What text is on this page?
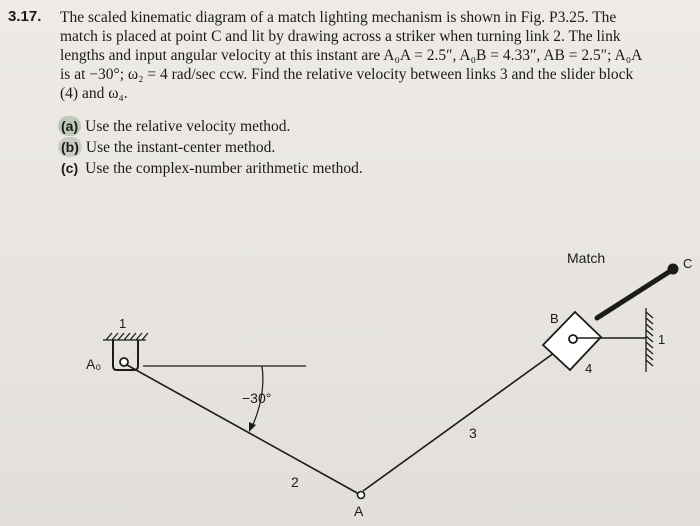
3.17. The scaled kinematic diagram of a match lighting mechanism is shown in Fig. P3.25. The
match is placed at point C and lit by drawing across a striker when turning link 2. The link
lengths and input angular velocity at this instant are A₀A = 2.5″, A₀B = 4.33″, AB = 2.5″; A₀A
is at −30°; ω₂ = 4 rad/sec ccw. Find the relative velocity between links 3 and the slider block
(4) and ω₄.
(a) Use the relative velocity method.
(b) Use the instant-center method.
(c) Use the complex-number arithmetic method.
1
A₀
−30°
2
A
3
B
Match	C
4
1
